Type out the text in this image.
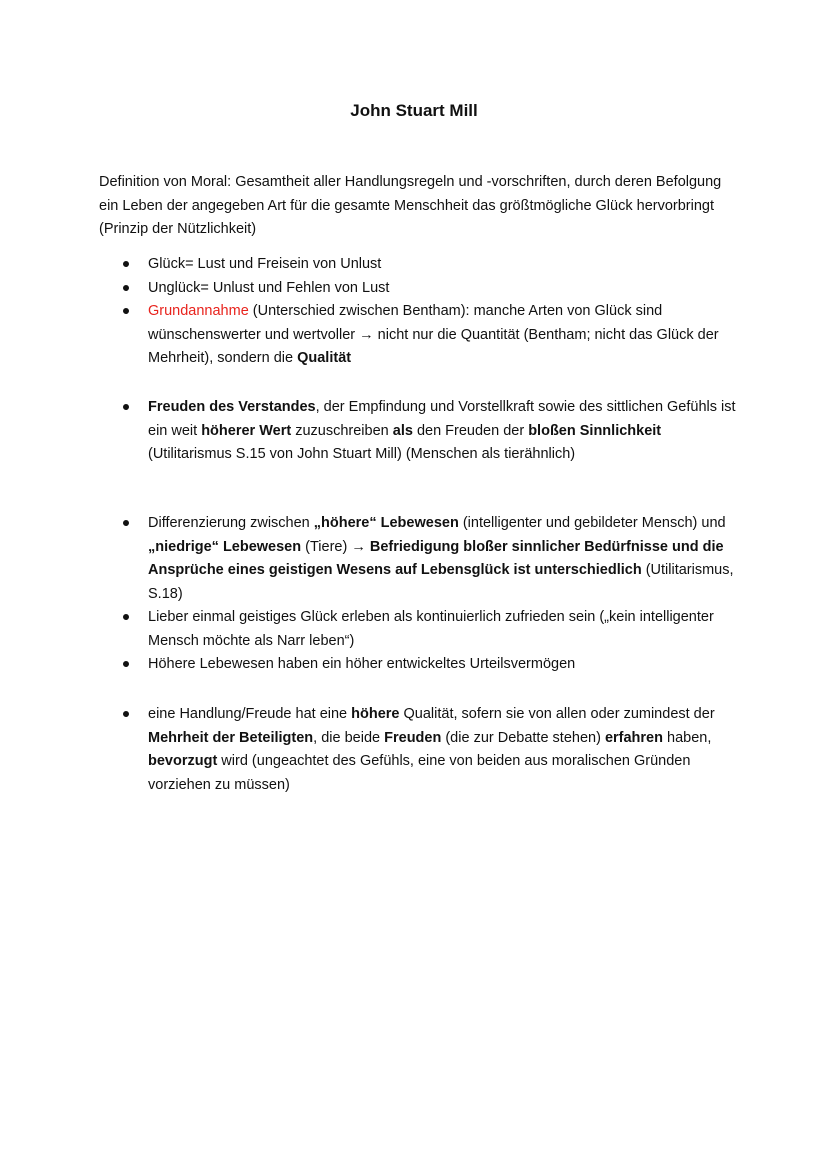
John Stuart Mill

Definition von Moral: Gesamtheit aller Handlungsregeln und -vorschriften, durch deren Befolgung ein Leben der angegeben Art für die gesamte Menschheit das größtmögliche Glück hervorbringt (Prinzip der Nützlichkeit)

Glück= Lust und Freisein von Unlust
Unglück= Unlust und Fehlen von Lust
Grundannahme (Unterschied zwischen Bentham): manche Arten von Glück sind wünschenswerter und wertvoller → nicht nur die Quantität (Bentham; nicht das Glück der Mehrheit), sondern die Qualität
Freuden des Verstandes, der Empfindung und Vorstellkraft sowie des sittlichen Gefühls ist ein weit höherer Wert zuzuschreiben als den Freuden der bloßen Sinnlichkeit (Utilitarismus S.15 von John Stuart Mill) (Menschen als tierähnlich)
Differenzierung zwischen „höhere“ Lebewesen (intelligenter und gebildeter Mensch) und „niedrige“ Lebewesen (Tiere) → Befriedigung bloßer sinnlicher Bedürfnisse und die Ansprüche eines geistigen Wesens auf Lebensglück ist unterschiedlich (Utilitarismus, S.18)
Lieber einmal geistiges Glück erleben als kontinuierlich zufrieden sein („kein intelligenter Mensch möchte als Narr leben“)
Höhere Lebewesen haben ein höher entwickeltes Urteilsvermögen
eine Handlung/Freude hat eine höhere Qualität, sofern sie von allen oder zumindest der Mehrheit der Beteiligten, die beide Freuden (die zur Debatte stehen) erfahren haben, bevorzugt wird (ungeachtet des Gefühls, eine von beiden aus moralischen Gründen vorziehen zu müssen)
